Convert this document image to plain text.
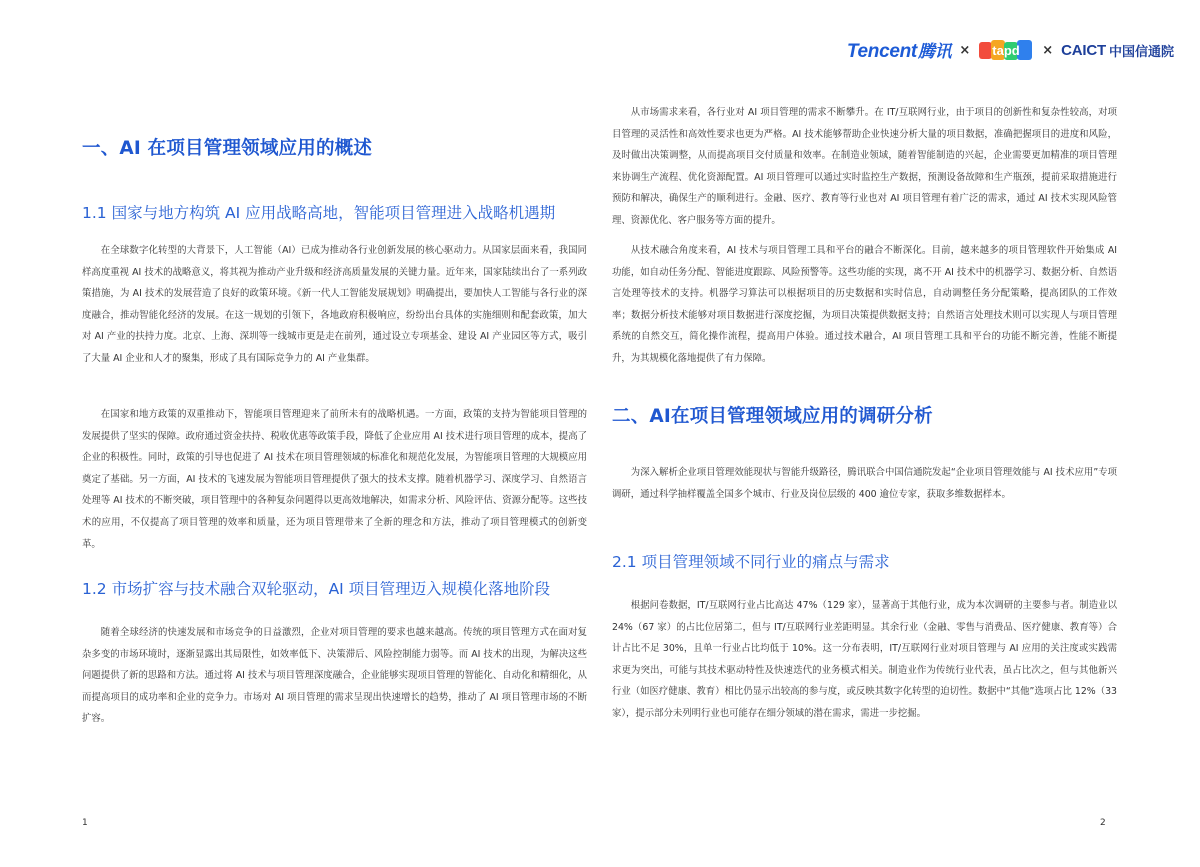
Tencent腾讯 × tapd × CAICT 中国信通院
一、AI 在项目管理领域应用的概述
1.1 国家与地方构筑 AI 应用战略高地，智能项目管理进入战略机遇期

在全球数字化转型的大背景下，人工智能（AI）已成为推动各行业创新发展的核心驱动力。从国家层面来看，我国同样高度重视 AI 技术的战略意义，将其视为推动产业升级和经济高质量发展的关键力量。近年来，国家陆续出台了一系列政策措施，为 AI 技术的发展营造了良好的政策环境。《新一代人工智能发展规划》明确提出，要加快人工智能与各行业的深度融合，推动智能化经济的发展。在这一规划的引领下，各地政府积极响应，纷纷出台具体的实施细则和配套政策，加大对 AI 产业的扶持力度。北京、上海、深圳等一线城市更是走在前列，通过设立专项基金、建设 AI 产业园区等方式，吸引了大量 AI 企业和人才的聚集，形成了具有国际竞争力的 AI 产业集群。

在国家和地方政策的双重推动下，智能项目管理迎来了前所未有的战略机遇。一方面，政策的支持为智能项目管理的发展提供了坚实的保障。政府通过资金扶持、税收优惠等政策手段，降低了企业应用 AI 技术进行项目管理的成本，提高了企业的积极性。同时，政策的引导也促进了 AI 技术在项目管理领域的标准化和规范化发展，为智能项目管理的大规模应用奠定了基础。另一方面，AI 技术的飞速发展为智能项目管理提供了强大的技术支撑。随着机器学习、深度学习、自然语言处理等 AI 技术的不断突破，项目管理中的各种复杂问题得以更高效地解决，如需求分析、风险评估、资源分配等。这些技术的应用，不仅提高了项目管理的效率和质量，还为项目管理带来了全新的理念和方法，推动了项目管理模式的创新变革。

1.2 市场扩容与技术融合双轮驱动，AI 项目管理迈入规模化落地阶段

随着全球经济的快速发展和市场竞争的日益激烈，企业对项目管理的要求也越来越高。传统的项目管理方式在面对复杂多变的市场环境时，逐渐显露出其局限性，如效率低下、决策滞后、风险控制能力弱等。而 AI 技术的出现，为解决这些问题提供了新的思路和方法。通过将 AI 技术与项目管理深度融合，企业能够实现项目管理的智能化、自动化和精细化，从而提高项目的成功率和企业的竞争力。市场对 AI 项目管理的需求呈现出快速增长的趋势，推动了 AI 项目管理市场的不断扩容。

1

从市场需求来看，各行业对 AI 项目管理的需求不断攀升。在 IT/互联网行业，由于项目的创新性和复杂性较高，对项目管理的灵活性和高效性要求也更为严格。AI 技术能够帮助企业快速分析大量的项目数据，准确把握项目的进度和风险，及时做出决策调整，从而提高项目交付质量和效率。在制造业领域，随着智能制造的兴起，企业需要更加精准的项目管理来协调生产流程、优化资源配置。AI 项目管理可以通过实时监控生产数据，预测设备故障和生产瓶颈，提前采取措施进行预防和解决，确保生产的顺利进行。金融、医疗、教育等行业也对 AI 项目管理有着广泛的需求，通过 AI 技术实现风险管理、资源优化、客户服务等方面的提升。

从技术融合角度来看，AI 技术与项目管理工具和平台的融合不断深化。目前，越来越多的项目管理软件开始集成 AI 功能，如自动任务分配、智能进度跟踪、风险预警等。这些功能的实现，离不开 AI 技术中的机器学习、数据分析、自然语言处理等技术的支持。机器学习算法可以根据项目的历史数据和实时信息，自动调整任务分配策略，提高团队的工作效率；数据分析技术能够对项目数据进行深度挖掘，为项目决策提供数据支持；自然语言处理技术则可以实现人与项目管理系统的自然交互，简化操作流程，提高用户体验。通过技术融合，AI 项目管理工具和平台的功能不断完善，性能不断提升，为其规模化落地提供了有力保障。

二、AI在项目管理领域应用的调研分析

为深入解析企业项目管理效能现状与智能升级路径，腾讯联合中国信通院发起“企业项目管理效能与 AI 技术应用”专项调研，通过科学抽样覆盖全国多个城市、行业及岗位层级的 400 逾位专家，获取多维数据样本。

2.1 项目管理领域不同行业的痛点与需求

根据问卷数据，IT/互联网行业占比高达 47%（129 家），显著高于其他行业，成为本次调研的主要参与者。制造业以 24%（67 家）的占比位居第二，但与 IT/互联网行业差距明显。其余行业（金融、零售与消费品、医疗健康、教育等）合计占比不足 30%，且单一行业占比均低于 10%。这一分布表明，IT/互联网行业对项目管理与 AI 应用的关注度或实践需求更为突出，可能与其技术驱动特性及快速迭代的业务模式相关。制造业作为传统行业代表，虽占比次之，但与其他新兴行业（如医疗健康、教育）相比仍显示出较高的参与度，或反映其数字化转型的迫切性。数据中“其他”选项占比 12%（33 家），提示部分未列明行业也可能存在细分领域的潜在需求，需进一步挖掘。

2
